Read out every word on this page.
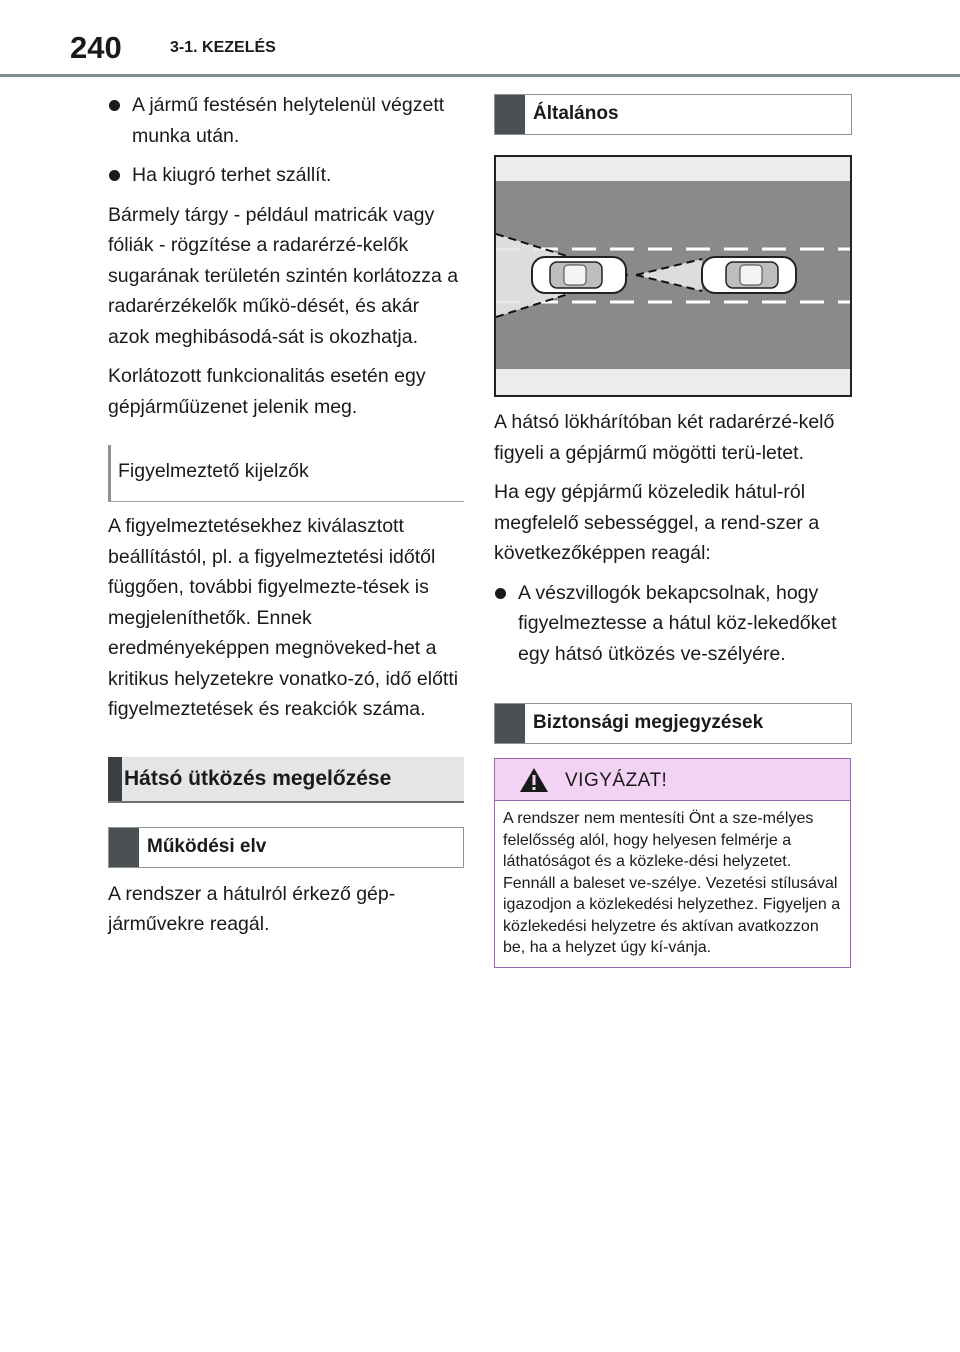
240	3-1. KEZELÉS
A jármű festésén helytelenül végzett munka után.
Ha kiugró terhet szállít.

Bármely tárgy - például matricák vagy fóliák - rögzítése a radarérzé-kelők sugarának területén szintén korlátozza a radarérzékelők műkö-dését, és akár azok meghibásodá-sát is okozhatja.

Korlátozott funkcionalitás esetén egy gépjárműüzenet jelenik meg.

Figyelmeztető kijelzők

A figyelmeztetésekhez kiválasztott beállítástól, pl. a figyelmeztetési időtől függően, további figyelmezte-tések is megjeleníthetők. Ennek eredményeképpen megnöveked-het a kritikus helyzetekre vonatko-zó, idő előtti figyelmeztetések és reakciók száma.

Hátsó ütközés megelőzése
Működési elv

A rendszer a hátulról érkező gép-járművekre reagál.

Általános

A hátsó lökhárítóban két radarérzé-kelő figyeli a gépjármű mögötti terü-letet.

Ha egy gépjármű közeledik hátul-ról megfelelő sebességgel, a rend-szer a következőképpen reagál:

A vészvillogók bekapcsolnak, hogy figyelmeztesse a hátul köz-lekedőket egy hátsó ütközés ve-szélyére.
Biztonsági megjegyzések
VIGYÁZAT!
A rendszer nem mentesíti Önt a sze-mélyes felelősség alól, hogy helyesen felmérje a láthatóságot és a közleke-dési helyzetet. Fennáll a baleset ve-szélye. Vezetési stílusával igazodjon a közlekedési helyzethez. Figyeljen a közlekedési helyzetre és aktívan avatkozzon be, ha a helyzet úgy kí-vánja.
